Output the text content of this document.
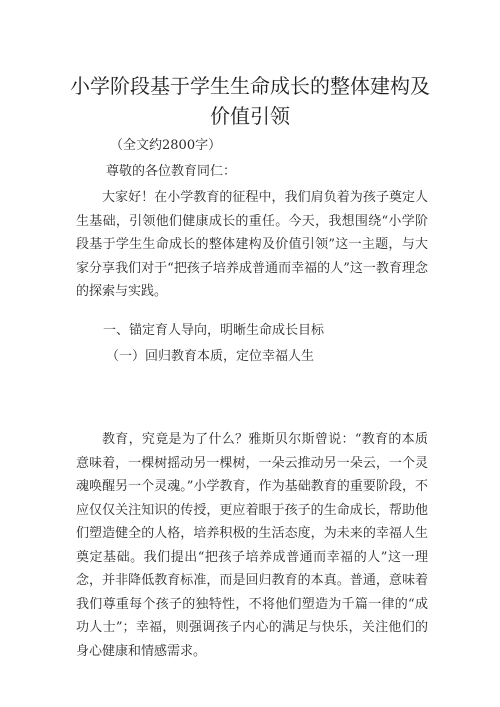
小学阶段基于学生生命成长的整体建构及价值引领
（全文约2800字）
尊敬的各位教育同仁：

大家好！在小学教育的征程中，我们肩负着为孩子奠定人生基础，引领他们健康成长的重任。今天，我想围绕“小学阶段基于学生生命成长的整体建构及价值引领”这一主题，与大家分享我们对于“把孩子培养成普通而幸福的人”这一教育理念的探索与实践。

一、锚定育人导向，明晰生命成长目标
（一）回归教育本质，定位幸福人生

教育，究竟是为了什么？雅斯贝尔斯曾说：“教育的本质意味着，一棵树摇动另一棵树，一朵云推动另一朵云，一个灵魂唤醒另一个灵魂。”小学教育，作为基础教育的重要阶段，不应仅仅关注知识的传授，更应着眼于孩子的生命成长，帮助他们塑造健全的人格，培养积极的生活态度，为未来的幸福人生奠定基础。我们提出“把孩子培养成普通而幸福的人”这一理念，并非降低教育标准，而是回归教育的本真。普通，意味着我们尊重每个孩子的独特性，不将他们塑造为千篇一律的“成功人士”；幸福，则强调孩子内心的满足与快乐，关注他们的身心健康和情感需求。
